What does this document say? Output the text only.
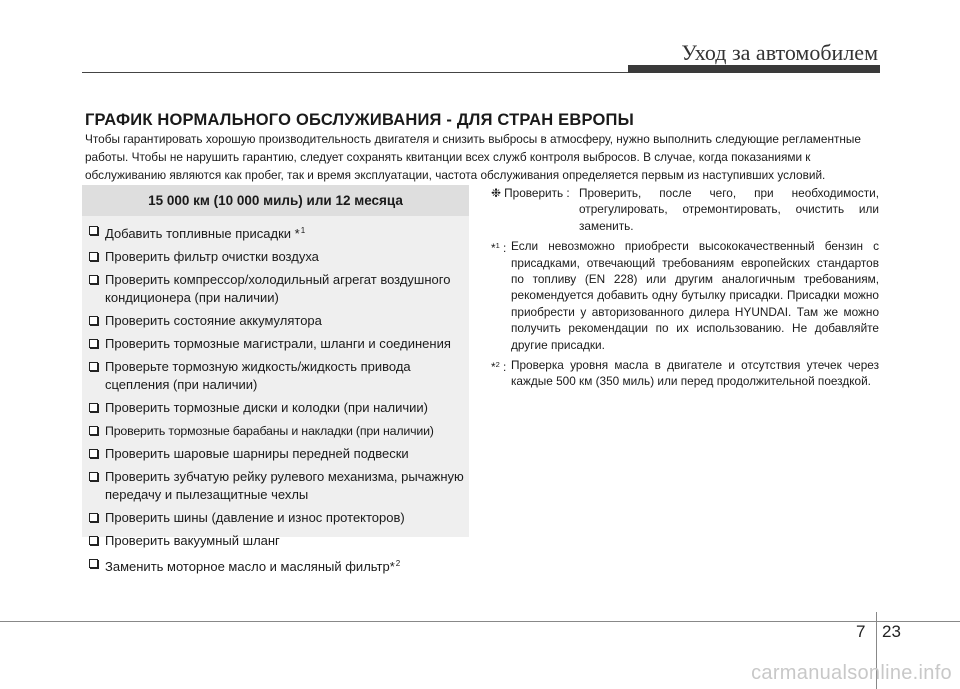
Уход за автомобилем
ГРАФИК НОРМАЛЬНОГО ОБСЛУЖИВАНИЯ - ДЛЯ СТРАН ЕВРОПЫ
Чтобы гарантировать хорошую производительность двигателя и снизить выбросы в атмосферу, нужно выполнить следующие регламентные
работы. Чтобы не нарушить гарантию, следует сохранять квитанции всех служб контроля выбросов. В случае, когда показаниями к
обслуживанию являются как пробег, так и время эксплуатации, частота обслуживания определяется первым из наступивших условий.
15 000 км (10 000 миль) или 12 месяца
Добавить топливные присадки *$^1$
Проверить фильтр очистки воздуха
Проверить компрессор/холодильный агрегат воздушного кондиционера (при наличии)
Проверить состояние аккумулятора
Проверить тормозные магистрали, шланги и соединения
Проверьте тормозную жидкость/жидкость привода сцепления (при наличии)
Проверить тормозные диски и колодки (при наличии)
Проверить тормозные барабаны и накладки (при наличии)
Проверить шаровые шарниры передней подвески
Проверить зубчатую рейку рулевого механизма, рычажную передачу и пылезащитные чехлы
Проверить шины (давление и износ протекторов)
Проверить вакуумный шланг
Заменить моторное масло и масляный фильтр*$^2$
❉ Проверить : Проверить, после чего, при необходимости, отрегулировать, отремонтировать, очистить или заменить.
*$^1$ : Если невозможно приобрести высококачественный бензин с присадками, отвечающий требованиям европейских стандартов по топливу (EN 228) или другим аналогичным требованиям, рекомендуется добавить одну бутылку присадки. Присадки можно приобрести у авторизованного дилера HYUNDAI. Там же можно получить рекомендации по их использованию. Не добавляйте другие присадки.
*$^2$ : Проверка уровня масла в двигателе и отсутствия утечек через каждые 500 км (350 миль) или перед продолжительной поездкой.
7 23
carmanualsonline.info
